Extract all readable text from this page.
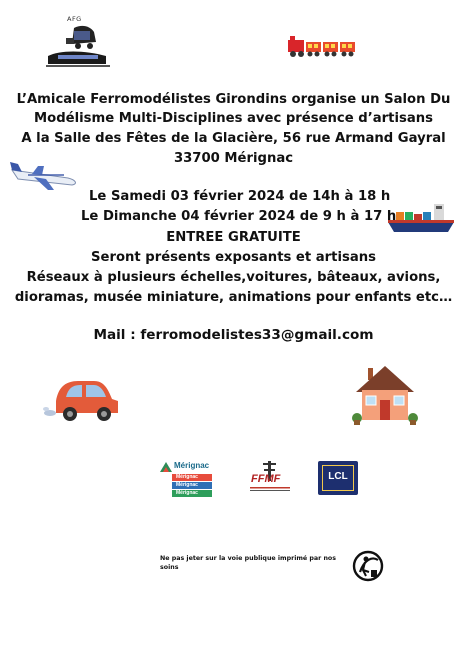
AFG
L’Amicale Ferromodélistes Girondins organise un Salon Du
Modélisme Multi-Disciplines avec présence d’artisans
A la Salle des Fêtes de la Glacière, 56 rue Armand Gayral
33700 Mérignac
Le Samedi 03 février 2024 de 14h à 18 h
Le Dimanche 04 février 2024 de 9 h à 17 h
ENTREE GRATUITE
Seront présents exposants et artisans
Réseaux à plusieurs échelles,voitures, bâteaux, avions,
dioramas, musée miniature, animations pour enfants etc…
Mail : ferromodelistes33@gmail.com
Mérignac
Mérignac
Mérignac
Mérignac
FFMF	LCL
Ne pas jeter sur la voie publique imprimé par nos soins
